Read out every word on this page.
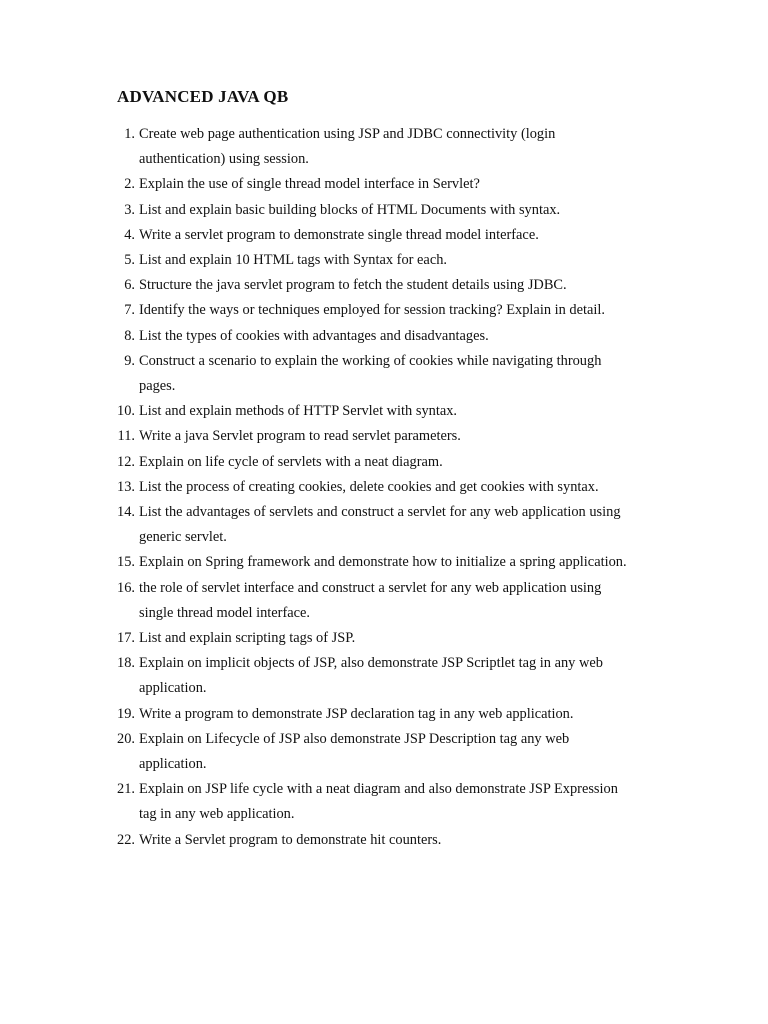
ADVANCED JAVA QB
1. Create web page authentication using JSP and JDBC connectivity (login
authentication) using session.
2. Explain the use of single thread model interface in Servlet?
3. List and explain basic building blocks of HTML Documents with syntax.
4. Write a servlet program to demonstrate single thread model interface.
5. List and explain 10 HTML tags with Syntax for each.
6. Structure the java servlet program to fetch the student details using JDBC.
7. Identify the ways or techniques employed for session tracking? Explain in detail.
8. List the types of cookies with advantages and disadvantages.
9. Construct a scenario to explain the working of cookies while navigating through
pages.
10. List and explain methods of HTTP Servlet with syntax.
11. Write a java Servlet program to read servlet parameters.
12. Explain on life cycle of servlets with a neat diagram.
13. List the process of creating cookies, delete cookies and get cookies with syntax.
14. List the advantages of servlets and construct a servlet for any web application using
generic servlet.
15. Explain on Spring framework and demonstrate how to initialize a spring application.
16. the role of servlet interface and construct a servlet for any web application using
single thread model interface.
17. List and explain scripting tags of JSP.
18. Explain on implicit objects of JSP, also demonstrate JSP Scriptlet tag in any web
application.
19. Write a program to demonstrate JSP declaration tag in any web application.
20. Explain on Lifecycle of JSP also demonstrate JSP Description tag any web
application.
21. Explain on JSP life cycle with a neat diagram and also demonstrate JSP Expression
tag in any web application.
22. Write a Servlet program to demonstrate hit counters.
